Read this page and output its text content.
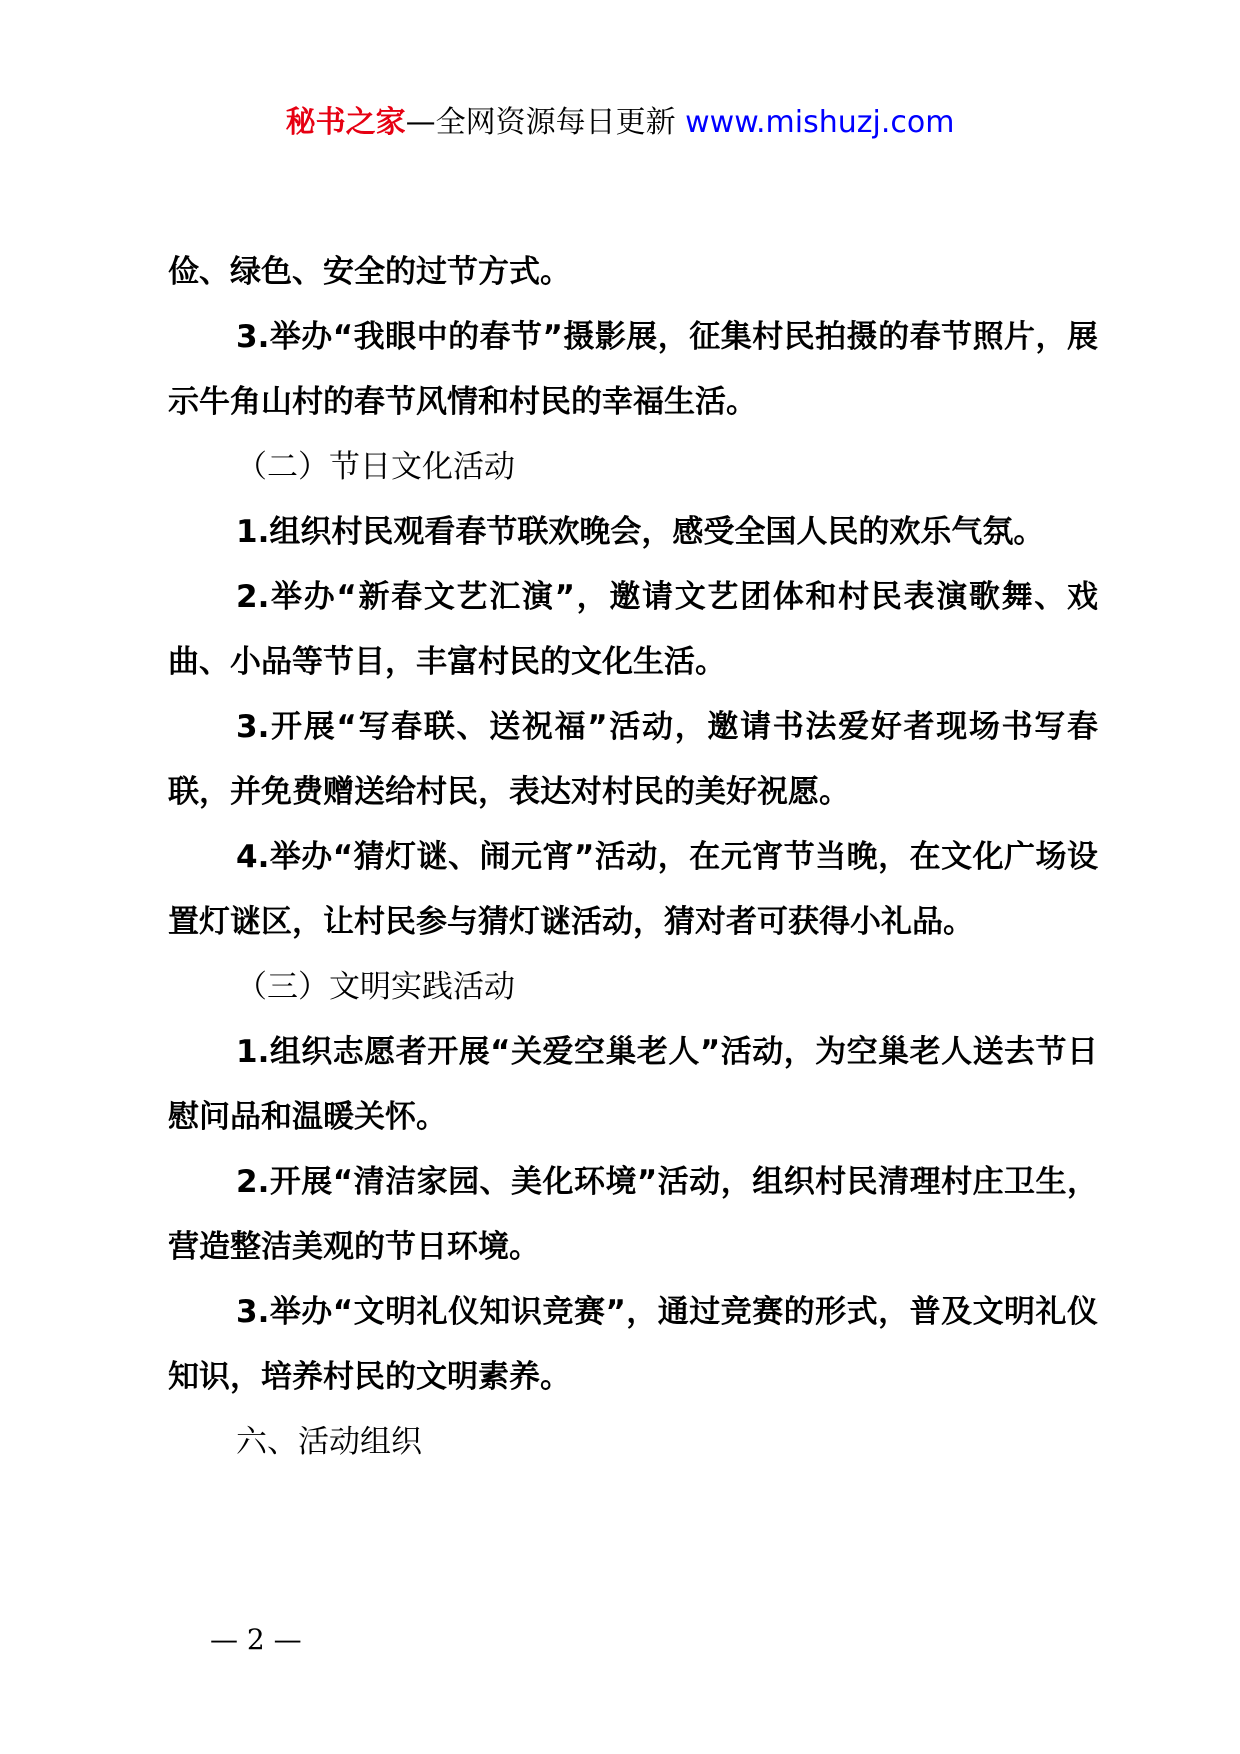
秘书之家—全网资源每日更新 www.mishuzj.com

俭、绿色、安全的过节方式。

3.举办“我眼中的春节”摄影展，征集村民拍摄的春节照片，展示牛角山村的春节风情和村民的幸福生活。

（二）节日文化活动

1.组织村民观看春节联欢晚会，感受全国人民的欢乐气氛。

2.举办“新春文艺汇演”，邀请文艺团体和村民表演歌舞、戏曲、小品等节目，丰富村民的文化生活。

3.开展“写春联、送祝福”活动，邀请书法爱好者现场书写春联，并免费赠送给村民，表达对村民的美好祝愿。

4.举办“猜灯谜、闹元宵”活动，在元宵节当晚，在文化广场设置灯谜区，让村民参与猜灯谜活动，猜对者可获得小礼品。

（三）文明实践活动

1.组织志愿者开展“关爱空巢老人”活动，为空巢老人送去节日慰问品和温暖关怀。

2.开展“清洁家园、美化环境”活动，组织村民清理村庄卫生，营造整洁美观的节日环境。

3.举办“文明礼仪知识竞赛”，通过竞赛的形式，普及文明礼仪知识，培养村民的文明素养。

六、活动组织

— 2 —
